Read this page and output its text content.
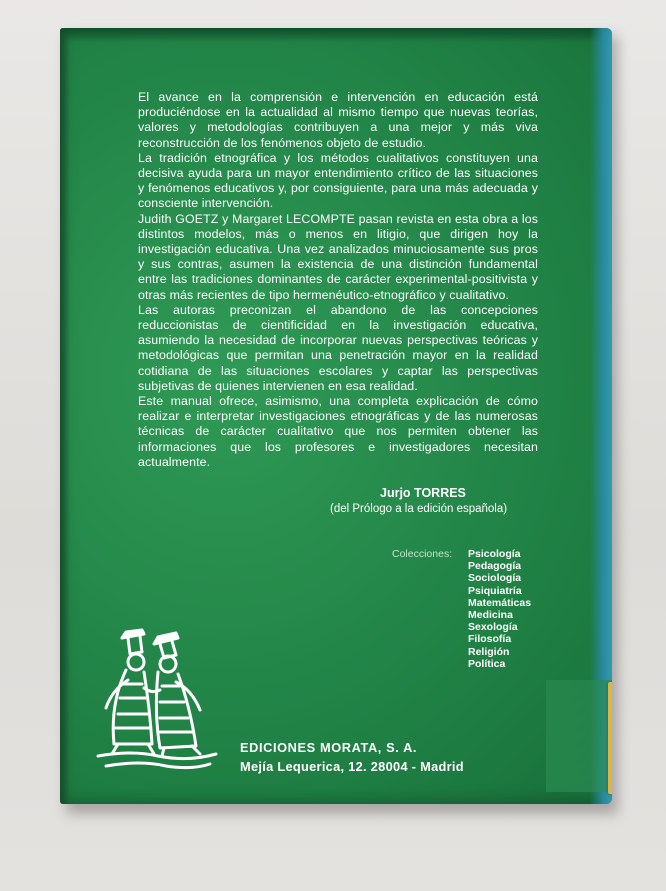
El avance en la comprensión e intervención en educación está produciéndose en la actualidad al mismo tiempo que nuevas teorías, valores y metodologías contribuyen a una mejor y más viva reconstrucción de los fenómenos objeto de estudio.

La tradición etnográfica y los métodos cualitativos constituyen una decisiva ayuda para un mayor entendimiento crítico de las situaciones y fenómenos educativos y, por consiguiente, para una más adecuada y consciente intervención.

Judith GOETZ y Margaret LECOMPTE pasan revista en esta obra a los distintos modelos, más o menos en litigio, que dirigen hoy la investigación educativa. Una vez analizados minuciosamente sus pros y sus contras, asumen la existencia de una distinción fundamental entre las tradiciones dominantes de carácter experimental-positivista y otras más recientes de tipo hermenéutico-etnográfico y cualitativo.

Las autoras preconizan el abandono de las concepciones reduccionistas de cientificidad en la investigación educativa, asumiendo la necesidad de incorporar nuevas perspectivas teóricas y metodológicas que permitan una penetración mayor en la realidad cotidiana de las situaciones escolares y captar las perspectivas subjetivas de quienes intervienen en esa realidad.

Este manual ofrece, asimismo, una completa explicación de cómo realizar e interpretar investigaciones etnográficas y de las numerosas técnicas de carácter cualitativo que nos permiten obtener las informaciones que los profesores e investigadores necesitan actualmente.

Jurjo TORRES
(del Prólogo a la edición española)
Colecciones: Psicología
Pedagogía
Sociología
Psiquiatría
Matemáticas
Medicina
Sexología
Filosofía
Religión
Política
EDICIONES MORATA, S. A.
Mejía Lequerica, 12. 28004 - Madrid
